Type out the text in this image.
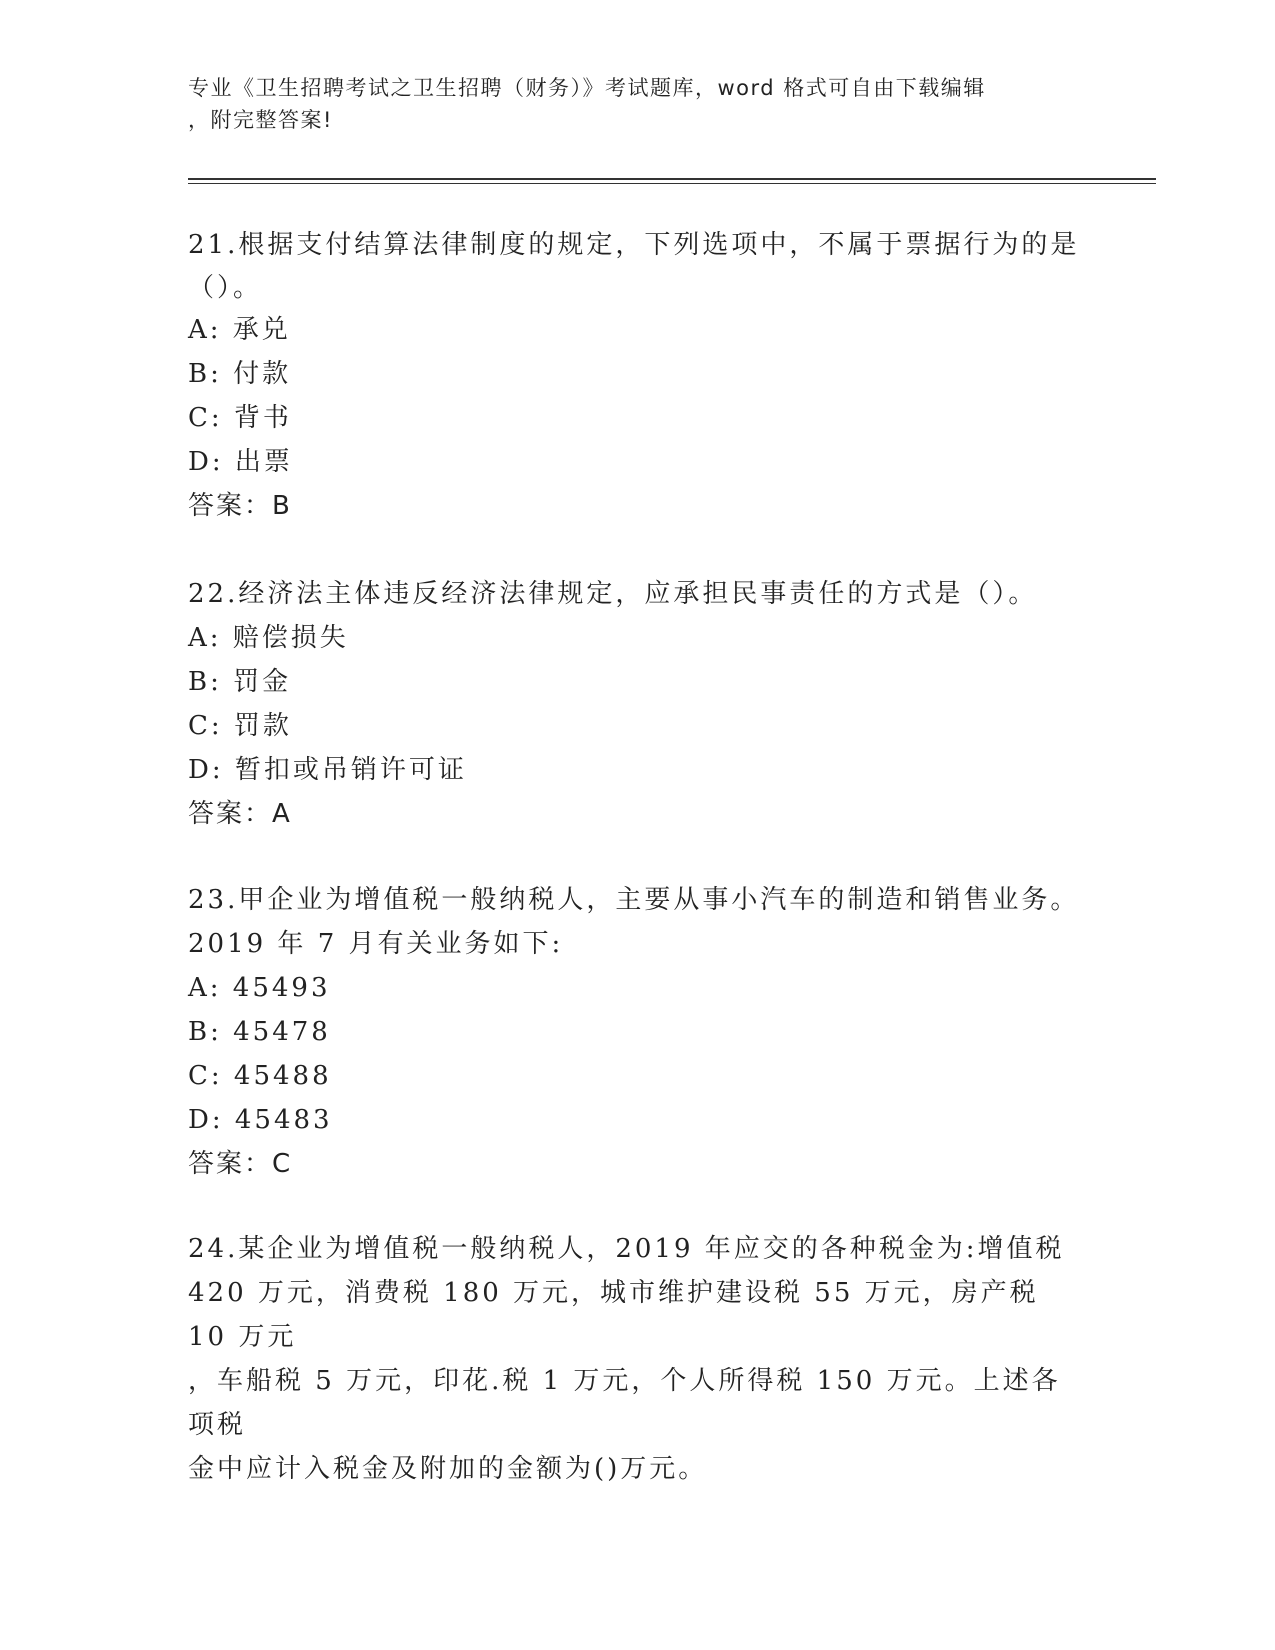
专业《卫生招聘考试之卫生招聘（财务）》考试题库，word 格式可自由下载编辑
，附完整答案!
21.根据支付结算法律制度的规定，下列选项中，不属于票据行为的是
（）。
A: 承兑
B: 付款
C: 背书
D: 出票
答案：B
22.经济法主体违反经济法律规定，应承担民事责任的方式是（）。
A: 赔偿损失
B: 罚金
C: 罚款
D: 暂扣或吊销许可证
答案：A
23.甲企业为增值税一般纳税人，主要从事小汽车的制造和销售业务。
2019 年 7 月有关业务如下:
A: 45493
B: 45478
C: 45488
D: 45483
答案：C
24.某企业为增值税一般纳税人，2019 年应交的各种税金为:增值税
420 万元，消费税 180 万元，城市维护建设税 55 万元，房产税 10 万元
，车船税 5 万元，印花.税 1 万元，个人所得税 150 万元。上述各项税
金中应计入税金及附加的金额为()万元。
